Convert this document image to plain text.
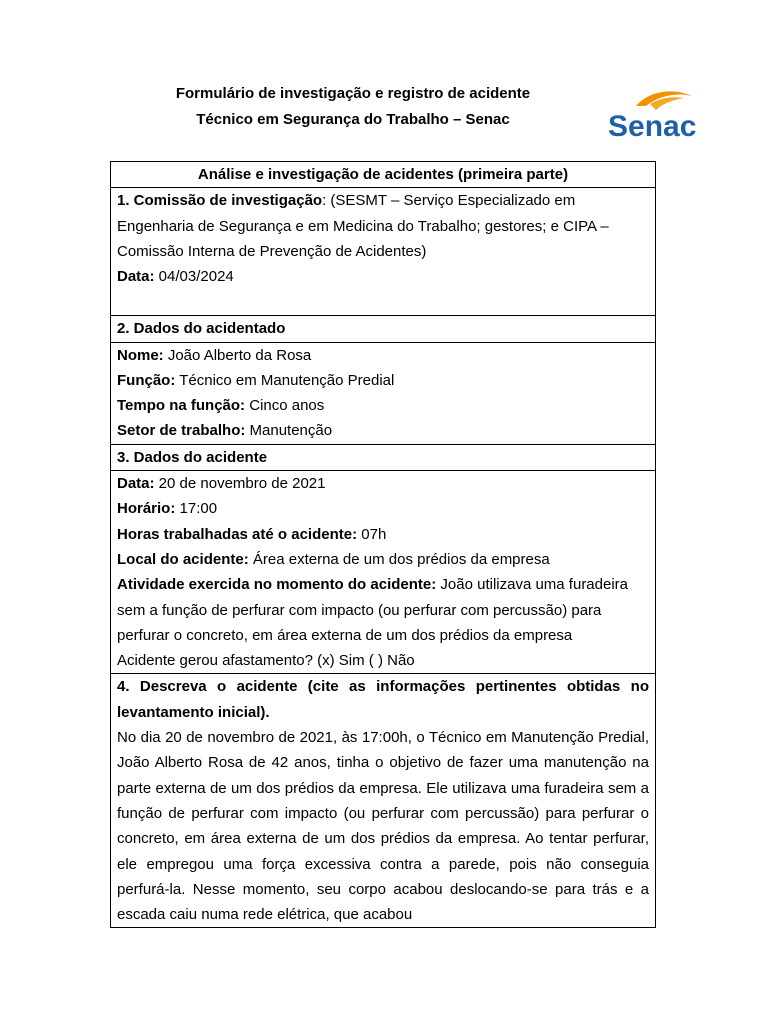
Formulário de investigação e registro de acidente
Técnico em Segurança do Trabalho – Senac	Senac
Análise e investigação de acidentes (primeira parte)

1. Comissão de investigação: (SESMT – Serviço Especializado em
Engenharia de Segurança e em Medicina do Trabalho; gestores; e CIPA –
Comissão Interna de Prevenção de Acidentes)
Data: 04/03/2024

2. Dados do acidentado

Nome: João Alberto da Rosa
Função: Técnico em Manutenção Predial
Tempo na função: Cinco anos
Setor de trabalho: Manutenção

3. Dados do acidente

Data: 20 de novembro de 2021
Horário: 17:00
Horas trabalhadas até o acidente: 07h
Local do acidente: Área externa de um dos prédios da empresa
Atividade exercida no momento do acidente: João utilizava uma furadeira
sem a função de perfurar com impacto (ou perfurar com percussão) para
perfurar o concreto, em área externa de um dos prédios da empresa
Acidente gerou afastamento? (x) Sim ( ) Não

4. Descreva o acidente (cite as informações pertinentes obtidas no levantamento inicial).
No dia 20 de novembro de 2021, às 17:00h, o Técnico em Manutenção Predial, João Alberto Rosa de 42 anos, tinha o objetivo de fazer uma manutenção na parte externa de um dos prédios da empresa. Ele utilizava uma furadeira sem a função de perfurar com impacto (ou perfurar com percussão) para perfurar o concreto, em área externa de um dos prédios da empresa. Ao tentar perfurar, ele empregou uma força excessiva contra a parede, pois não conseguia perfurá-la. Nesse momento, seu corpo acabou deslocando-se para trás e a escada caiu numa rede elétrica, que acabou
